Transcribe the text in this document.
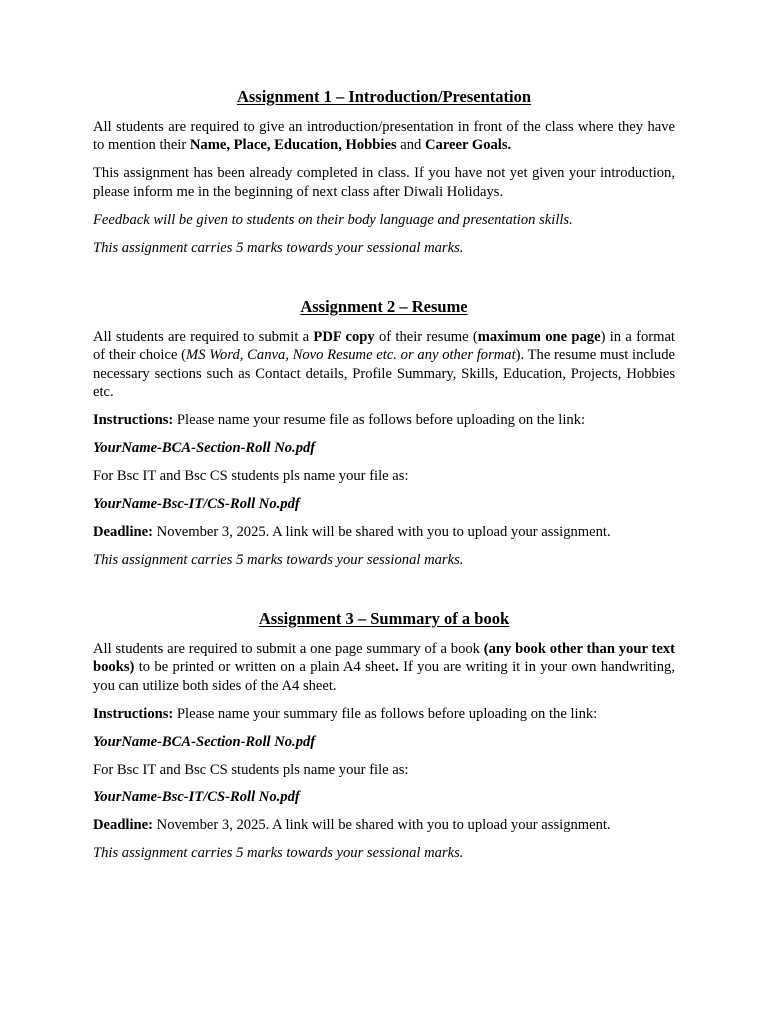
Assignment 1 – Introduction/Presentation

All students are required to give an introduction/presentation in front of the class where they have to mention their Name, Place, Education, Hobbies and Career Goals.

This assignment has been already completed in class. If you have not yet given your introduction, please inform me in the beginning of next class after Diwali Holidays.

Feedback will be given to students on their body language and presentation skills.

This assignment carries 5 marks towards your sessional marks.

Assignment 2 – Resume

All students are required to submit a PDF copy of their resume (maximum one page) in a format of their choice (MS Word, Canva, Novo Resume etc. or any other format). The resume must include necessary sections such as Contact details, Profile Summary, Skills, Education, Projects, Hobbies etc.

Instructions: Please name your resume file as follows before uploading on the link:

YourName-BCA-Section-Roll No.pdf

For Bsc IT and Bsc CS students pls name your file as:

YourName-Bsc-IT/CS-Roll No.pdf

Deadline: November 3, 2025. A link will be shared with you to upload your assignment.

This assignment carries 5 marks towards your sessional marks.

Assignment 3 – Summary of a book

All students are required to submit a one page summary of a book (any book other than your text books) to be printed or written on a plain A4 sheet. If you are writing it in your own handwriting, you can utilize both sides of the A4 sheet.

Instructions: Please name your summary file as follows before uploading on the link:

YourName-BCA-Section-Roll No.pdf

For Bsc IT and Bsc CS students pls name your file as:

YourName-Bsc-IT/CS-Roll No.pdf

Deadline: November 3, 2025. A link will be shared with you to upload your assignment.

This assignment carries 5 marks towards your sessional marks.
